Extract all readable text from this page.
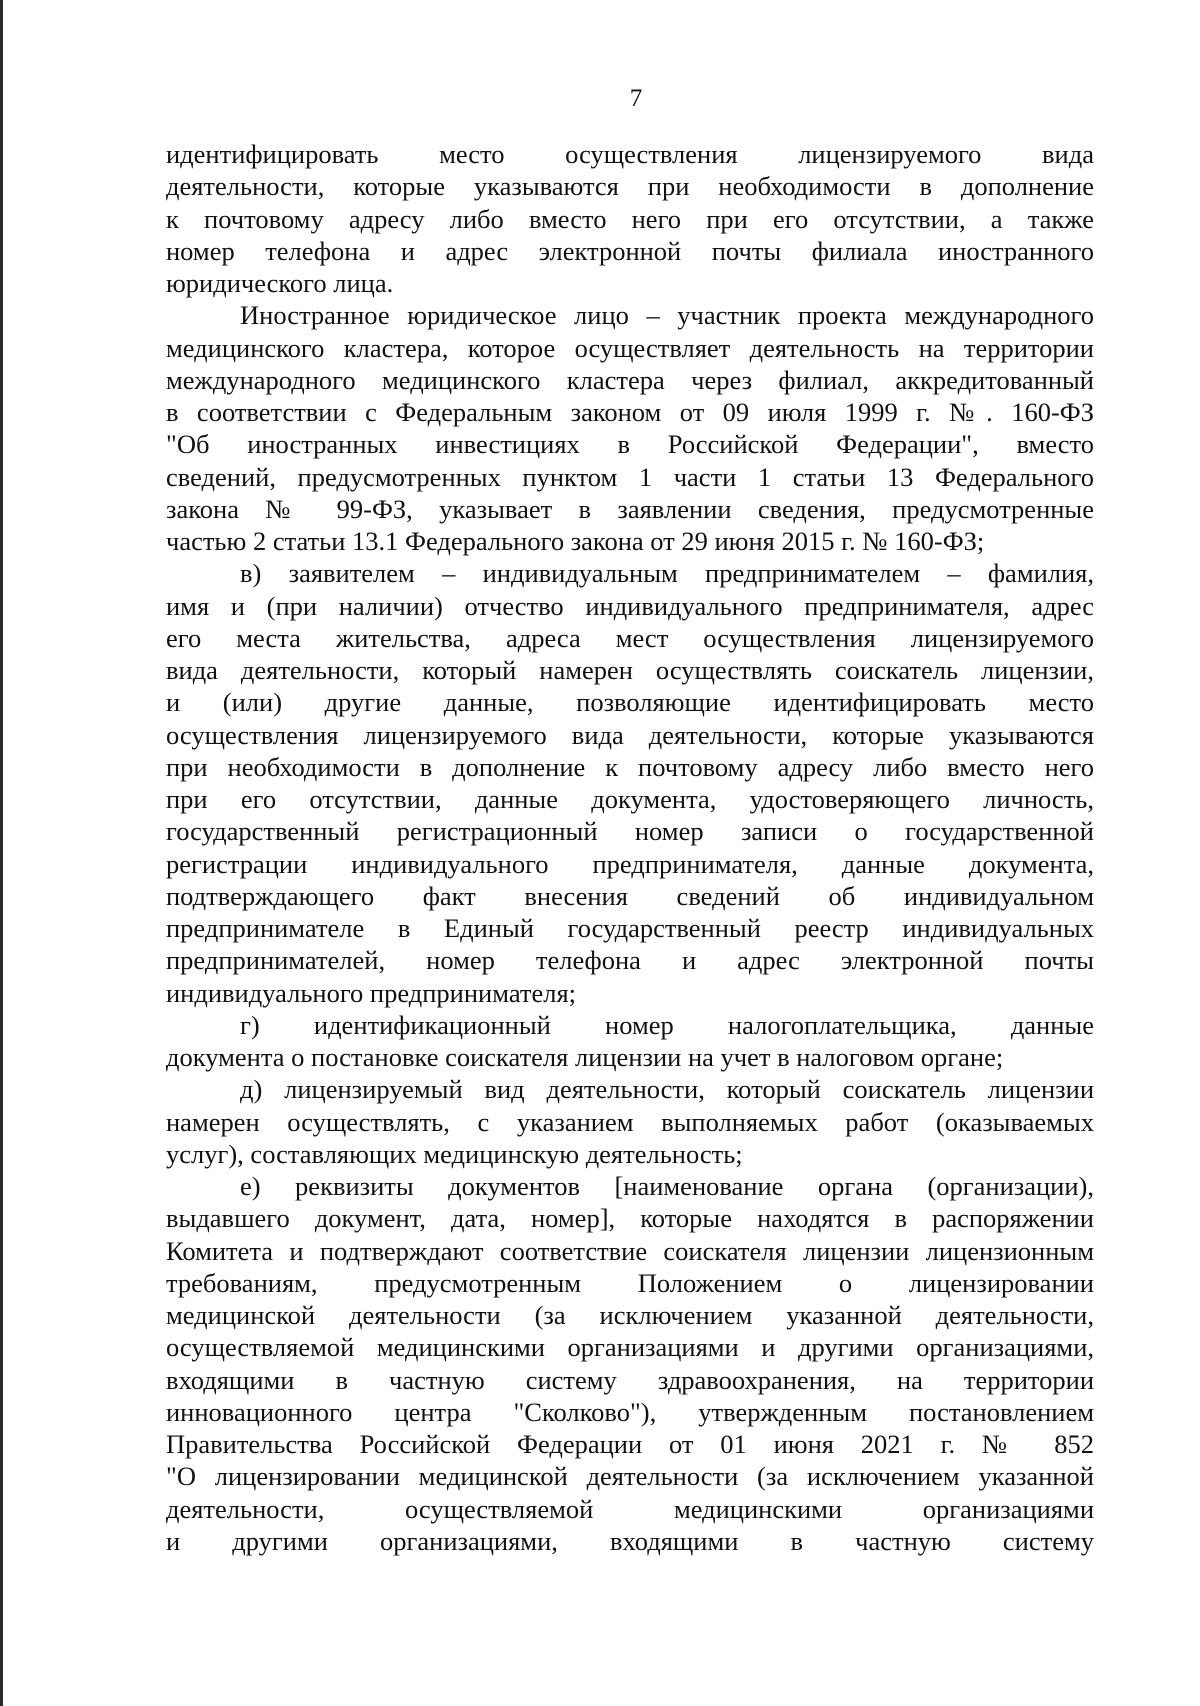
7
идентифицировать место осуществления лицензируемого вида
деятельности, которые указываются при необходимости в дополнение
к почтовому адресу либо вместо него при его отсутствии, а также
номер телефона и адрес электронной почты филиала иностранного
юридического лица.
Иностранное юридическое лицо – участник проекта международного
медицинского кластера, которое осуществляет деятельность на территории
международного медицинского кластера через филиал, аккредитованный
в соответствии с Федеральным законом от 09 июля 1999 г. №. 160-ФЗ
"Об иностранных инвестициях в Российской Федерации", вместо
сведений, предусмотренных пунктом 1 части 1 статьи 13 Федерального
закона № 99-ФЗ, указывает в заявлении сведения, предусмотренные
частью 2 статьи 13.1 Федерального закона от 29 июня 2015 г. № 160-ФЗ;
в) заявителем – индивидуальным предпринимателем – фамилия,
имя и (при наличии) отчество индивидуального предпринимателя, адрес
его места жительства, адреса мест осуществления лицензируемого
вида деятельности, который намерен осуществлять соискатель лицензии,
и (или) другие данные, позволяющие идентифицировать место
осуществления лицензируемого вида деятельности, которые указываются
при необходимости в дополнение к почтовому адресу либо вместо него
при его отсутствии, данные документа, удостоверяющего личность,
государственный регистрационный номер записи о государственной
регистрации индивидуального предпринимателя, данные документа,
подтверждающего факт внесения сведений об индивидуальном
предпринимателе в Единый государственный реестр индивидуальных
предпринимателей, номер телефона и адрес электронной почты
индивидуального предпринимателя;
г) идентификационный номер налогоплательщика, данные
документа о постановке соискателя лицензии на учет в налоговом органе;
д) лицензируемый вид деятельности, который соискатель лицензии
намерен осуществлять, с указанием выполняемых работ (оказываемых
услуг), составляющих медицинскую деятельность;
е) реквизиты документов [наименование органа (организации),
выдавшего документ, дата, номер], которые находятся в распоряжении
Комитета и подтверждают соответствие соискателя лицензии лицензионным
требованиям, предусмотренным Положением о лицензировании
медицинской деятельности (за исключением указанной деятельности,
осуществляемой медицинскими организациями и другими организациями,
входящими в частную систему здравоохранения, на территории
инновационного центра "Сколково"), утвержденным постановлением
Правительства Российской Федерации от 01 июня 2021 г. № 852
"О лицензировании медицинской деятельности (за исключением указанной
деятельности, осуществляемой медицинскими организациями
и другими организациями, входящими в частную систему
